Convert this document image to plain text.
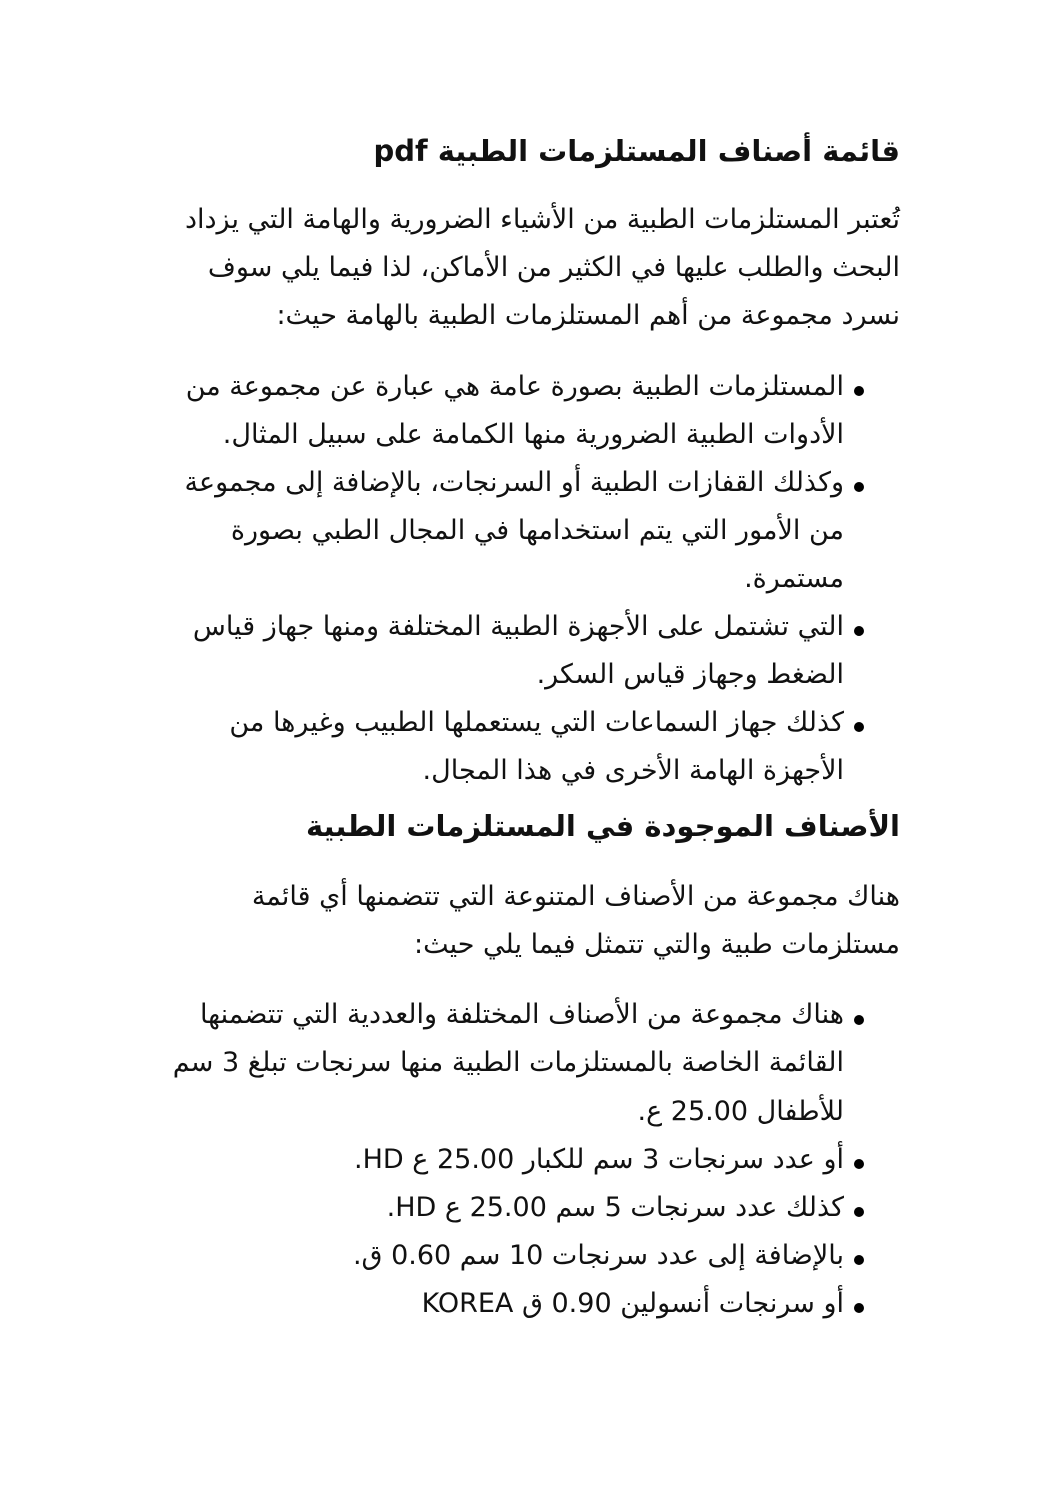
قائمة أصناف المستلزمات الطبية pdf

تُعتبر المستلزمات الطبية من الأشياء الضرورية والهامة التي يزداد البحث والطلب عليها في الكثير من الأماكن، لذا فيما يلي سوف نسرد مجموعة من أهم المستلزمات الطبية بالهامة حيث:

المستلزمات الطبية بصورة عامة هي عبارة عن مجموعة من الأدوات الطبية الضرورية منها الكمامة على سبيل المثال.
وكذلك القفازات الطبية أو السرنجات، بالإضافة إلى مجموعة من الأمور التي يتم استخدامها في المجال الطبي بصورة مستمرة.
التي تشتمل على الأجهزة الطبية المختلفة ومنها جهاز قياس الضغط وجهاز قياس السكر.
كذلك جهاز السماعات التي يستعملها الطبيب وغيرها من الأجهزة الهامة الأخرى في هذا المجال.
الأصناف الموجودة في المستلزمات الطبية

هناك مجموعة من الأصناف المتنوعة التي تتضمنها أي قائمة مستلزمات طبية والتي تتمثل فيما يلي حيث:

هناك مجموعة من الأصناف المختلفة والعددية التي تتضمنها القائمة الخاصة بالمستلزمات الطبية منها سرنجات تبلغ 3 سم للأطفال 25.00 ع.
أو عدد سرنجات 3 سم للكبار 25.00 ع HD.
كذلك عدد سرنجات 5 سم 25.00 ع HD.
بالإضافة إلى عدد سرنجات 10 سم 0.60 ق.
أو سرنجات أنسولين 0.90 ق KOREA
